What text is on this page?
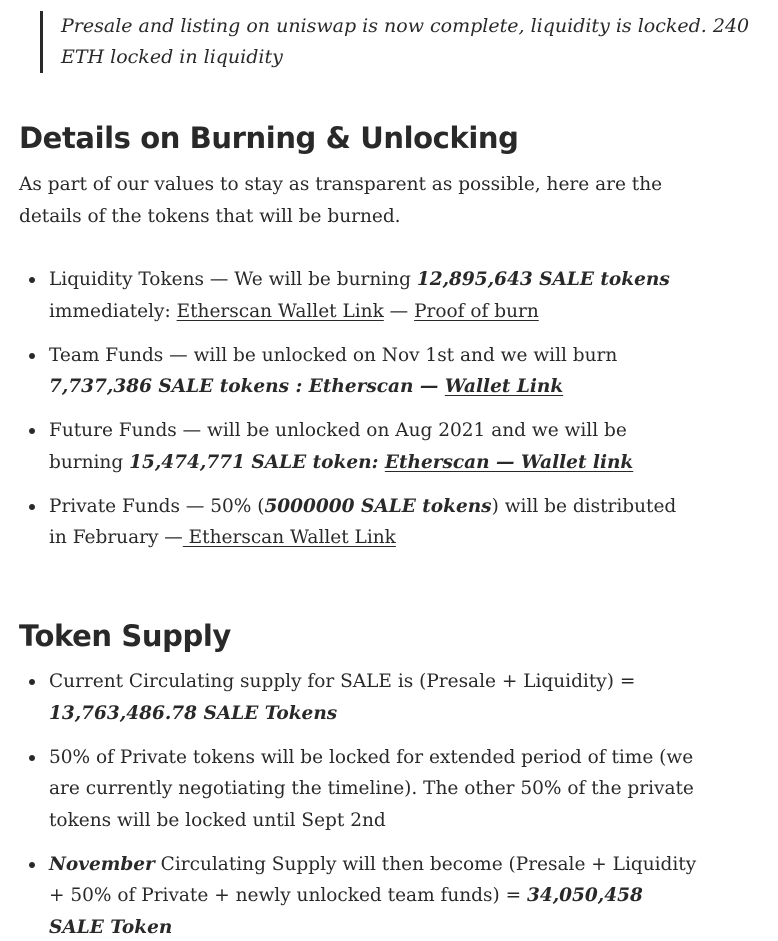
Presale and listing on uniswap is now complete, liquidity is locked. 240 ETH locked in liquidity
Details on Burning & Unlocking

As part of our values to stay as transparent as possible, here are the details of the tokens that will be burned.

Liquidity Tokens — We will be burning 12,895,643 SALE tokens immediately: Etherscan Wallet Link — Proof of burn
Team Funds — will be unlocked on Nov 1st and we will burn 7,737,386 SALE tokens : Etherscan — Wallet Link
Future Funds — will be unlocked on Aug 2021 and we will be burning 15,474,771 SALE token: Etherscan — Wallet link
Private Funds — 50% (5000000 SALE tokens) will be distributed in February — Etherscan Wallet Link
Token Supply
Current Circulating supply for SALE is (Presale + Liquidity) = 13,763,486.78 SALE Tokens
50% of Private tokens will be locked for extended period of time (we are currently negotiating the timeline). The other 50% of the private tokens will be locked until Sept 2nd
November Circulating Supply will then become (Presale + Liquidity + 50% of Private + newly unlocked team funds) = 34,050,458 SALE Token
